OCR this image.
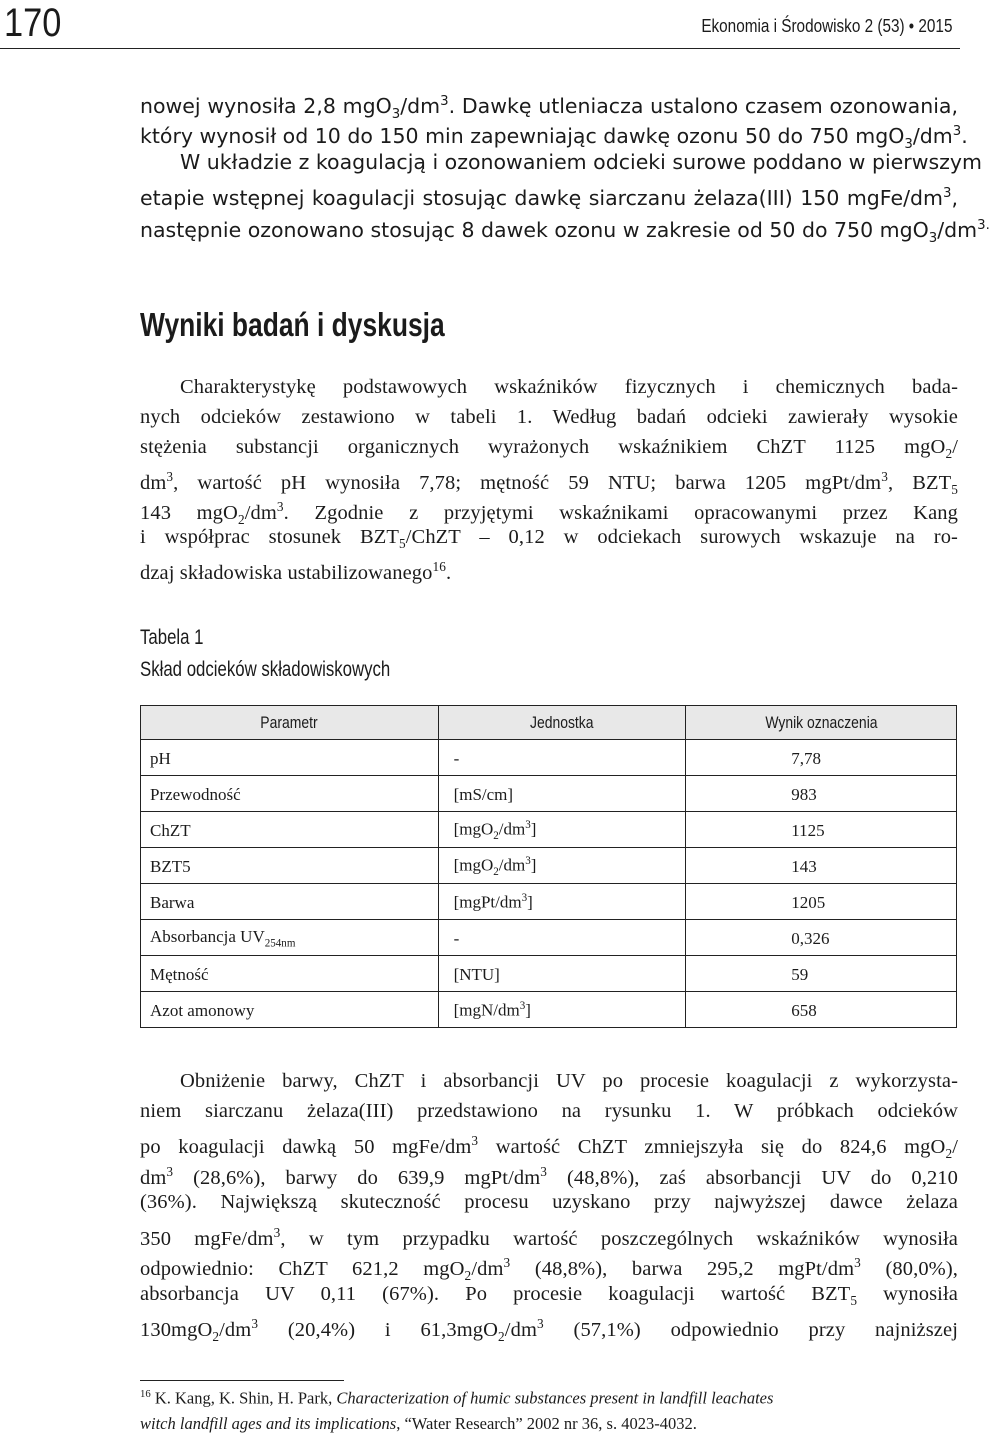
170	Ekonomia i Środowisko 2 (53) • 2015
nowej wynosiła 2,8 $mgO_3/dm^3$. Dawkę utleniacza ustalono czasem ozonowania,
który wynosił od 10 do 150 min zapewniając dawkę ozonu 50 do 750 $mgO_3/dm^3$.
W układzie z koagulacją i ozonowaniem odcieki surowe poddano w pierwszym
etapie wstępnej koagulacji stosując dawkę siarczanu żelaza(III) 150 mgFe/$dm^3$,
następnie ozonowano stosując 8 dawek ozonu w zakresie od 50 do 750 $mgO_3/dm^{3.}$
Wyniki badań i dyskusja
Charakterystykę podstawowych wskaźników fizycznych i chemicznych bada-
nych odcieków zestawiono w tabeli 1. Według badań odcieki zawierały wysokie
stężenia substancji organicznych wyrażonych wskaźnikiem ChZT 1125 mgO$_2$/
$dm^3$, wartość pH wynosiła 7,78; mętność 59 NTU; barwa 1205 mgPt/$dm^3$, $BZT_5$
143 $mgO_2/dm^3$. Zgodnie z przyjętymi wskaźnikami opracowanymi przez Kang
i współprac stosunek $BZT_5$/ChZT – 0,12 w odciekach surowych wskazuje na ro-
dzaj składowiska ustabilizowanego$^{16}$.
Tabela 1
Skład odcieków składowiskowych
Parametr	Jednostka	Wynik oznaczenia
pH	-	7,78
Przewodność	[mS/cm]	983
ChZT	$[mgO_2/dm^3]$	1125
BZT5	$[mgO_2/dm^3]$	143
Barwa	$[mgPt/dm^3]$	1205
Absorbancja $UV_{254nm}$	-	0,326
Mętność	[NTU]	59
Azot amonowy	$[mgN/dm^3]$	658
Obniżenie barwy, ChZT i absorbancji UV po procesie koagulacji z wykorzysta-
niem siarczanu żelaza(III) przedstawiono na rysunku 1. W próbkach odcieków
po koagulacji dawką 50 mgFe/$dm^3$ wartość ChZT zmniejszyła się do 824,6 mgO$_2$/
$dm^3$ (28,6%), barwy do 639,9 mgPt/$dm^3$ (48,8%), zaś absorbancji UV do 0,210
(36%). Największą skuteczność procesu uzyskano przy najwyższej dawce żelaza
350 mgFe/$dm^3$, w tym przypadku wartość poszczególnych wskaźników wynosiła
odpowiednio: ChZT 621,2 $mgO_2/dm^3$ (48,8%), barwa 295,2 mgPt/$dm^3$ (80,0%),
absorbancja UV 0,11 (67%). Po procesie koagulacji wartość $BZT_5$ wynosiła
$130mgO_2/dm^3$ (20,4%) i $61,3mgO_2/dm^3$ (57,1%) odpowiednio przy najniższej
$^{16}$ K. Kang, K. Shin, H. Park, Characterization of humic substances present in landfill leachates
witch landfill ages and its implications, “Water Research” 2002 nr 36, s. 4023-4032.
